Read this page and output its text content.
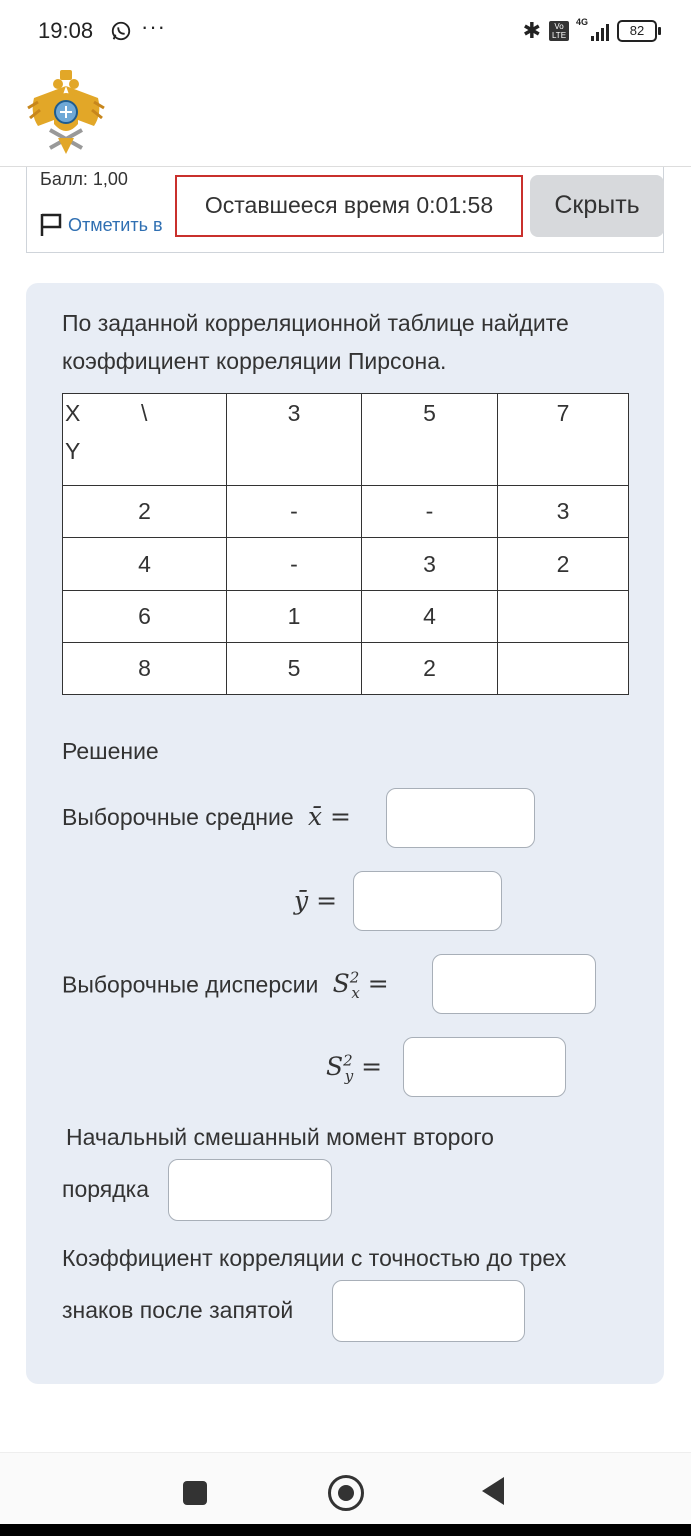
19:08 ···	✱	Vo LTE
4G
82
Балл: 1,00
Отметить в
Оставшееся время 0:01:58	Скрыть
По заданной корреляционной таблице найдите коэффициент корреляции Пирсона.
X \
Y	3	5	7

2	-	-	3
4	-	3	2
6	1	4	
8	5	2	
Решение
Выборочные средние  x̄ =
ȳ =
Выборочные дисперсии  $S^2_x$ =
$S^2_y$ =
Начальный смешанный момент второго
порядка
Коэффициент корреляции с точностью до трех
знаков после запятой
